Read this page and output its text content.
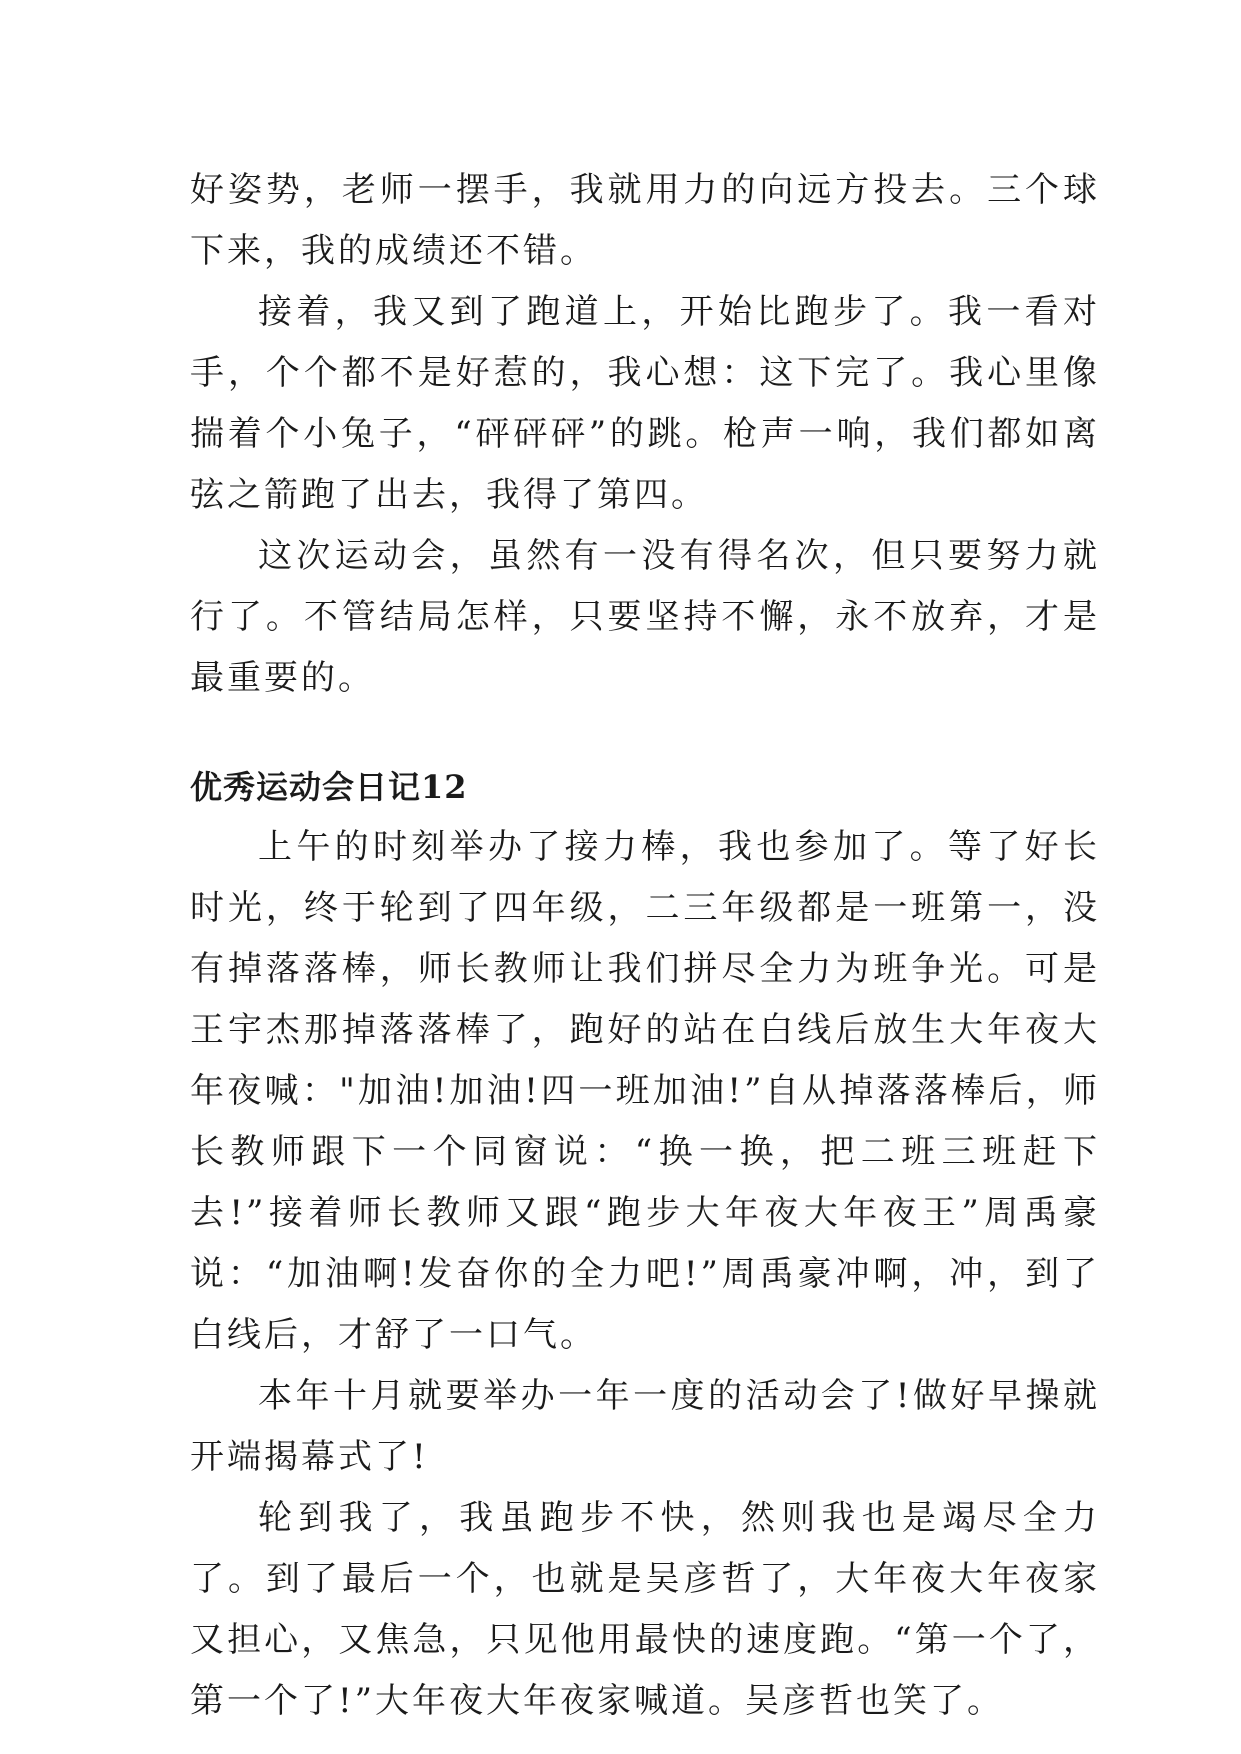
好姿势，老师一摆手，我就用力的向远方投去。三个球下来，我的成绩还不错。

接着，我又到了跑道上，开始比跑步了。我一看对手，个个都不是好惹的，我心想：这下完了。我心里像揣着个小兔子，“砰砰砰”的跳。枪声一响，我们都如离弦之箭跑了出去，我得了第四。

这次运动会，虽然有一没有得名次，但只要努力就行了。不管结局怎样，只要坚持不懈，永不放弃，才是最重要的。

优秀运动会日记12

上午的时刻举办了接力棒，我也参加了。等了好长时光，终于轮到了四年级，二三年级都是一班第一，没有掉落落棒，师长教师让我们拼尽全力为班争光。可是王宇杰那掉落落棒了，跑好的站在白线后放生大年夜大年夜喊："加油!加油!四一班加油!”自从掉落落棒后，师长教师跟下一个同窗说：“换一换，把二班三班赶下去!”接着师长教师又跟“跑步大年夜大年夜王”周禹豪说：“加油啊!发奋你的全力吧!”周禹豪冲啊，冲，到了白线后，才舒了一口气。

本年十月就要举办一年一度的活动会了!做好早操就开端揭幕式了!

轮到我了，我虽跑步不快，然则我也是竭尽全力了。到了最后一个，也就是吴彦哲了，大年夜大年夜家又担心，又焦急，只见他用最快的速度跑。“第一个了，第一个了!”大年夜大年夜家喊道。吴彦哲也笑了。
